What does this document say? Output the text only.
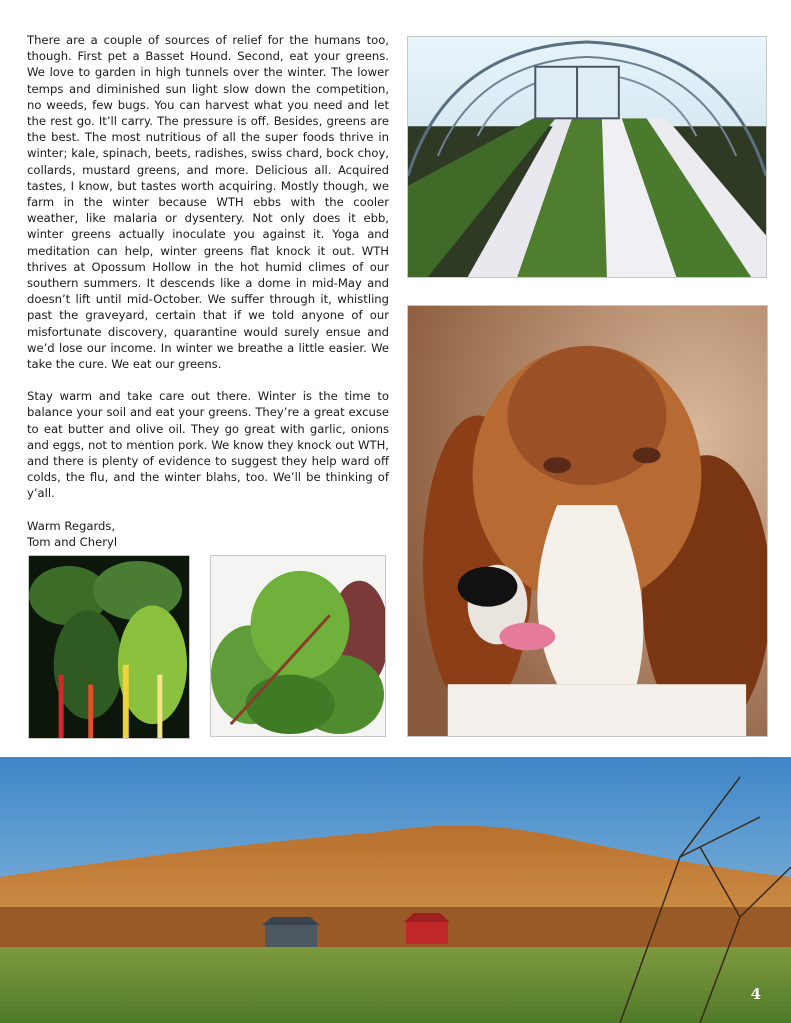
There are a couple of sources of relief for the humans too, though. First pet a Basset Hound. Second, eat your greens. We love to garden in high tunnels over the winter. The lower temps and diminished sun light slow down the competition, no weeds, few bugs. You can harvest what you need and let the rest go. It’ll carry. The pressure is off. Besides, greens are the best. The most nutritious of all the super foods thrive in winter; kale, spinach, beets, radishes, swiss chard, bock choy, collards, mustard greens, and more. Delicious all. Acquired tastes, I know, but tastes worth acquiring. Mostly though, we farm in the winter because WTH ebbs with the cooler weather, like malaria or dysentery. Not only does it ebb, winter greens actually inoculate you against it. Yoga and meditation can help, winter greens flat knock it out. WTH thrives at Opossum Hollow in the hot humid climes of our southern summers. It descends like a dome in mid-May and doesn’t lift until mid-October. We suffer through it, whistling past the graveyard, certain that if we told anyone of our misfortunate discovery, quarantine would surely ensue and we’d lose our income. In winter we breathe a little easier. We take the cure. We eat our greens.

Stay warm and take care out there. Winter is the time to balance your soil and eat your greens. They’re a great excuse to eat butter and olive oil. They go great with garlic, onions and eggs, not to mention pork. We know they knock out WTH, and there is plenty of evidence to suggest they help ward off colds, the flu, and the winter blahs, too. We’ll be thinking of y’all.

Warm Regards,

Tom and Cheryl

4
